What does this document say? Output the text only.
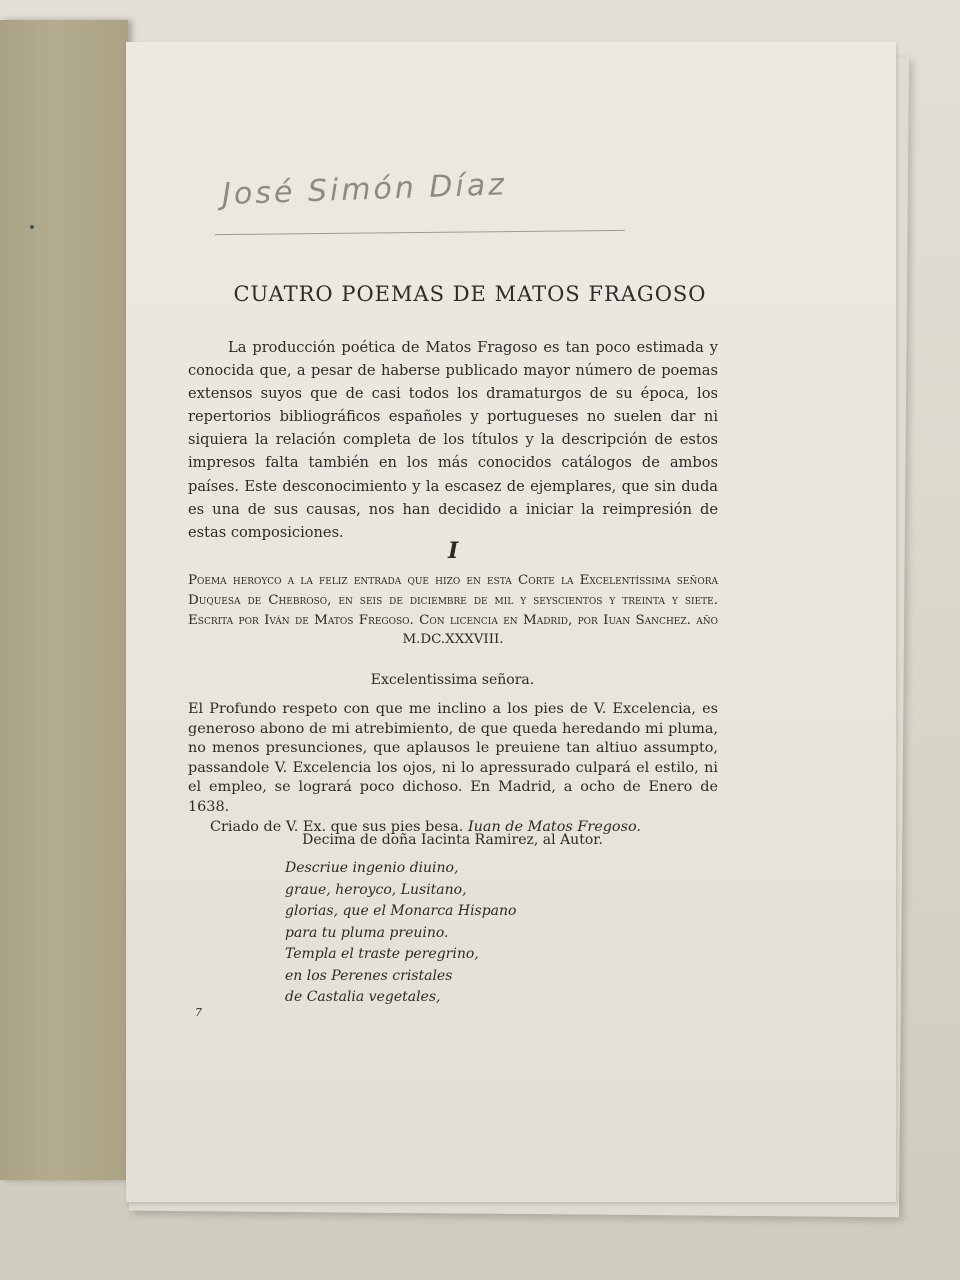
José Simón Díaz
CUATRO POEMAS DE MATOS FRAGOSO
La producción poética de Matos Fragoso es tan poco estimada y conocida que, a pesar de haberse publicado mayor número de poemas extensos suyos que de casi todos los dramaturgos de su época, los repertorios bibliográficos españoles y portugueses no suelen dar ni siquiera la relación completa de los títulos y la descripción de estos impresos falta también en los más conocidos catálogos de ambos países. Este desconocimiento y la escasez de ejemplares, que sin duda es una de sus causas, nos han decidido a iniciar la reimpresión de estas composiciones.
I
Poema heroyco a la feliz entrada que hizo en esta Corte la Excelentíssima señora Duquesa de Chebroso, en seis de diciembre de mil y seyscientos y treinta y siete. Escrita por Iván de Matos Fregoso. Con licencia en Madrid, por Iuan Sanchez. año M.DC.XXXVIII.
Excelentissima señora.
El Profundo respeto con que me inclino a los pies de V. Excelencia, es generoso abono de mi atrebimiento, de que queda heredando mi pluma, no menos presunciones, que aplausos le preuiene tan altiuo assumpto, passandole V. Excelencia los ojos, ni lo apressurado culpará el estilo, ni el empleo, se logrará poco dichoso. En Madrid, a ocho de Enero de 1638.
Criado de V. Ex. que sus pies besa. Iuan de Matos Fregoso.
Decima de doña Iacinta Ramirez, al Autor.
Descriue ingenio diuino,
graue, heroyco, Lusitano,
glorias, que el Monarca Hispano
para tu pluma preuino.
Templa el traste peregrino,
en los Perenes cristales
de Castalia vegetales,
7
